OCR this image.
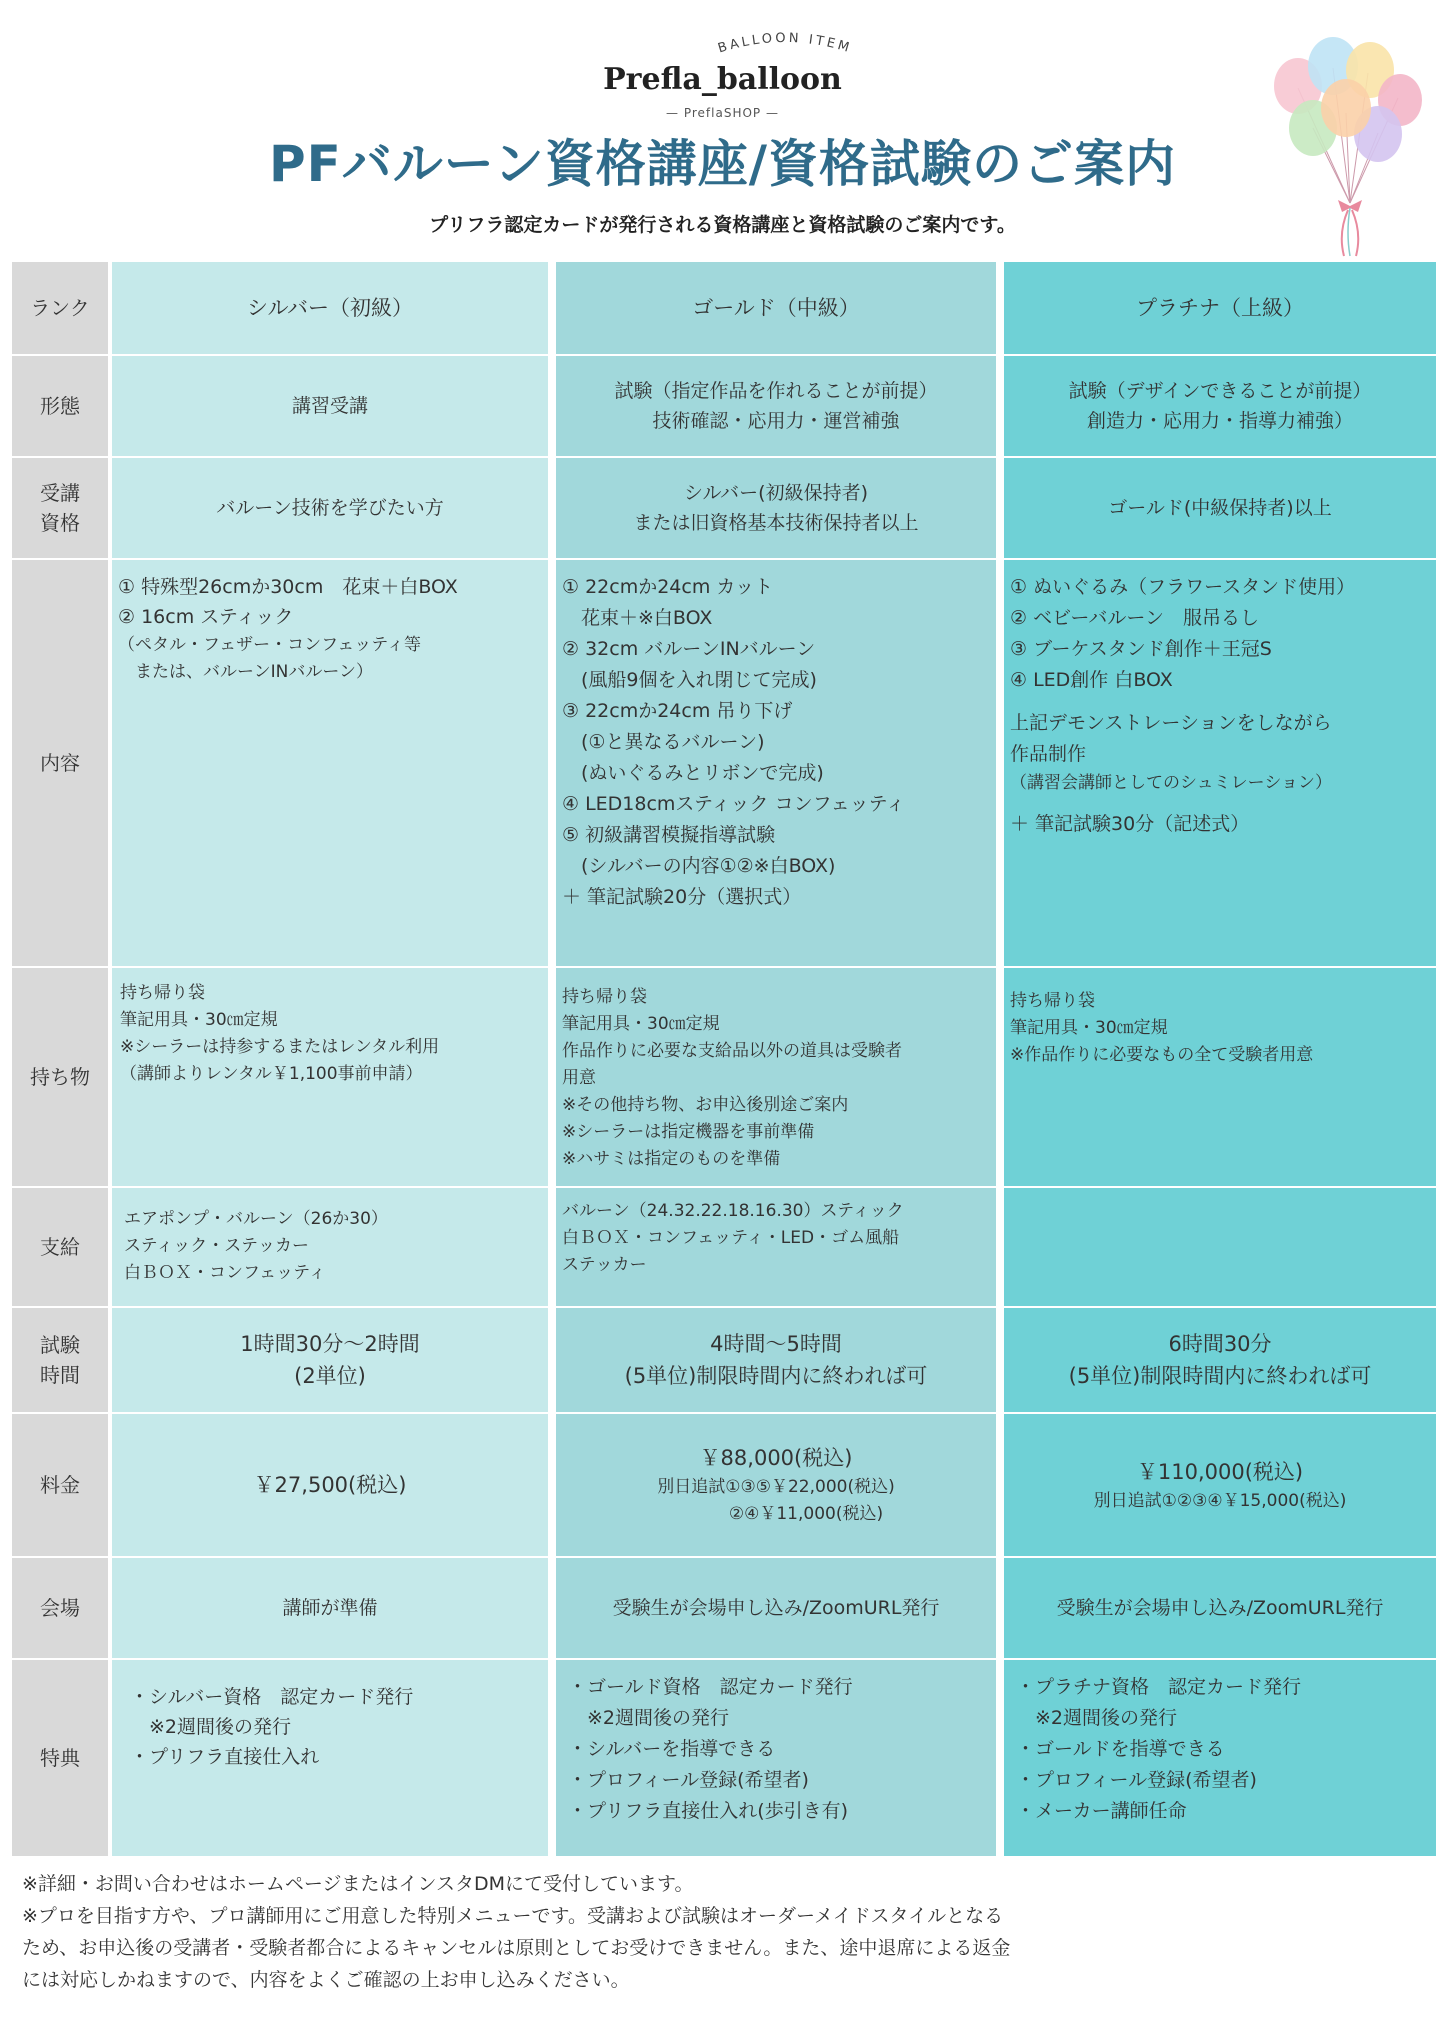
BALLOON ITEM
Prefla_balloon
— PreflaSHOP —
PFバルーン資格講座/資格試験のご案内
プリフラ認定カードが発行される資格講座と資格試験のご案内です。
ランク
形態
受講
資格
内容
持ち物
支給
試験
時間
料金
会場
特典
シルバー（初級）
講習受講
バルーン技術を学びたい方
① 特殊型26cmか30cm　花束＋白BOX
② 16cm スティック
（ペタル・フェザー・コンフェッティ等
　または、バルーンINバルーン）
持ち帰り袋
筆記用具・30㎝定規
※シーラーは持参するまたはレンタル利用
（講師よりレンタル￥1,100事前申請）
エアポンプ・バルーン（26か30）
スティック・ステッカー
白ＢＯＸ・コンフェッティ
1時間30分～2時間
(2単位)
￥27,500(税込)
講師が準備
・シルバー資格　認定カード発行
　※2週間後の発行
・プリフラ直接仕入れ
ゴールド（中級）
試験（指定作品を作れることが前提）
技術確認・応用力・運営補強
シルバー(初級保持者)
または旧資格基本技術保持者以上
① 22cmか24cm カット
　花束＋※白BOX
② 32cm バルーンINバルーン
　(風船9個を入れ閉じて完成)
③ 22cmか24cm 吊り下げ
　(①と異なるバルーン)
　(ぬいぐるみとリボンで完成)
④ LED18cmスティック コンフェッティ
⑤ 初級講習模擬指導試験
　(シルバーの内容①②※白BOX)
＋ 筆記試験20分（選択式）
持ち帰り袋
筆記用具・30㎝定規
作品作りに必要な支給品以外の道具は受験者
用意
※その他持ち物、お申込後別途ご案内
※シーラーは指定機器を事前準備
※ハサミは指定のものを準備
バルーン（24.32.22.18.16.30）スティック
白ＢＯＸ・コンフェッティ・LED・ゴム風船
ステッカー
4時間～5時間
(5単位)制限時間内に終われば可
￥88,000(税込)
別日追試①③⑤￥22,000(税込)
②④￥11,000(税込)
受験生が会場申し込み/ZoomURL発行
・ゴールド資格　認定カード発行
　※2週間後の発行
・シルバーを指導できる
・プロフィール登録(希望者)
・プリフラ直接仕入れ(歩引き有)
プラチナ（上級）
試験（デザインできることが前提）
創造力・応用力・指導力補強）
ゴールド(中級保持者)以上
① ぬいぐるみ（フラワースタンド使用）
② ベビーバルーン　服吊るし
③ ブーケスタンド創作＋王冠S
④ LED創作 白BOX
上記デモンストレーションをしながら
作品制作
（講習会講師としてのシュミレーション）
＋ 筆記試験30分（記述式）
持ち帰り袋
筆記用具・30㎝定規
※作品作りに必要なもの全て受験者用意
6時間30分
(5単位)制限時間内に終われば可
￥110,000(税込)
別日追試①②③④￥15,000(税込)
受験生が会場申し込み/ZoomURL発行
・プラチナ資格　認定カード発行
　※2週間後の発行
・ゴールドを指導できる
・プロフィール登録(希望者)
・メーカー講師任命
※詳細・お問い合わせはホームページまたはインスタDMにて受付しています。
※プロを目指す方や、プロ講師用にご用意した特別メニューです。受講および試験はオーダーメイドスタイルとなる
ため、お申込後の受講者・受験者都合によるキャンセルは原則としてお受けできません。また、途中退席による返金
には対応しかねますので、内容をよくご確認の上お申し込みください。
